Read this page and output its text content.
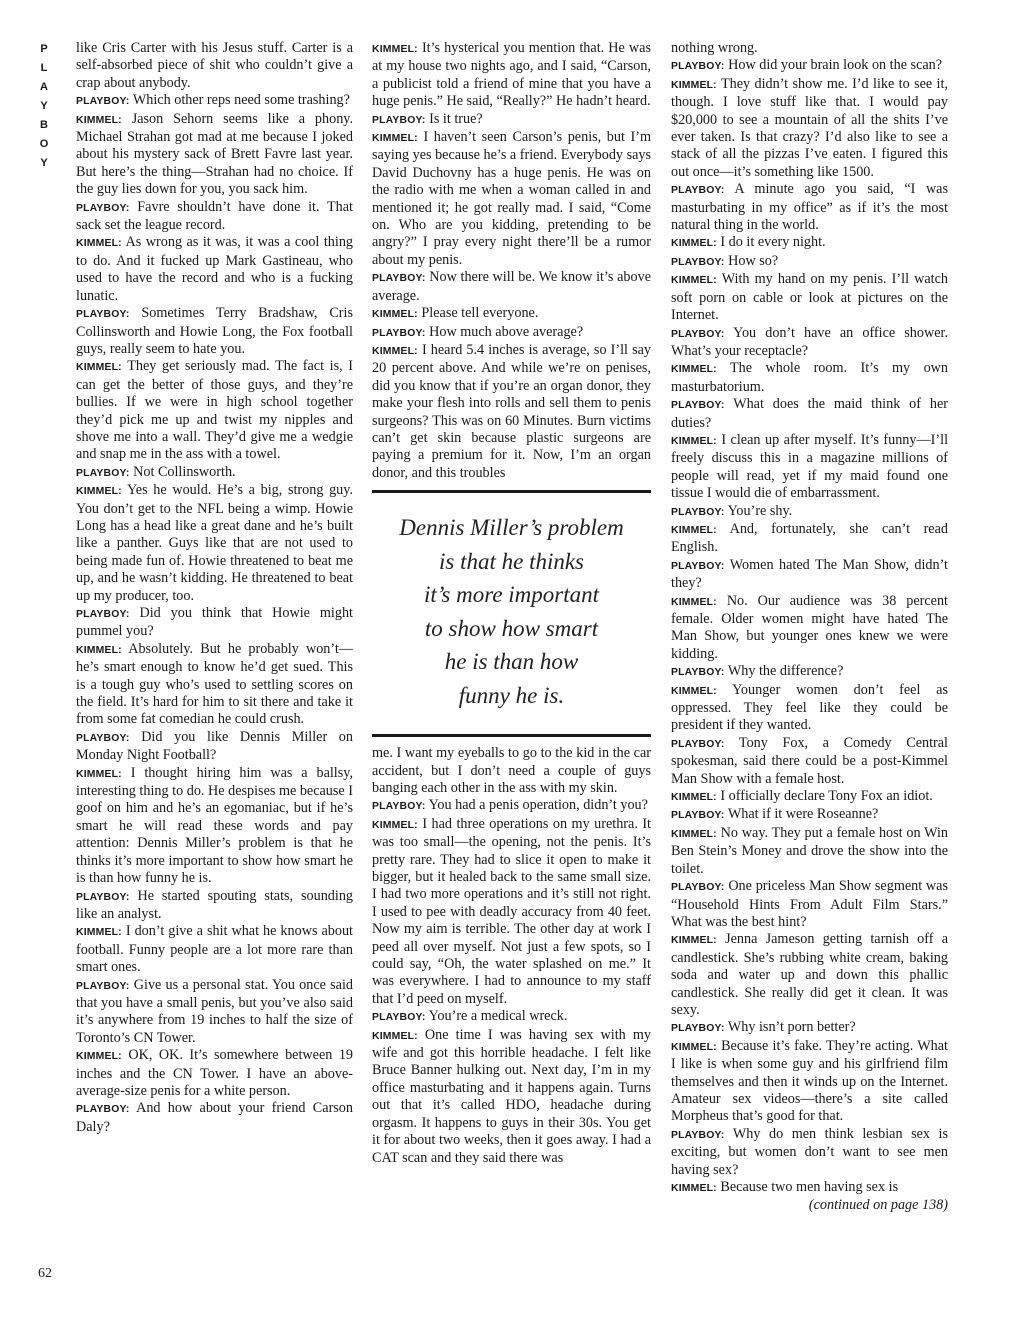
P
L
A
Y
B
O
Y

like Cris Carter with his Jesus stuff. Carter is a self-absorbed piece of shit who couldn’t give a crap about anybody.

PLAYBOY: Which other reps need some trashing?

KIMMEL: Jason Sehorn seems like a phony. Michael Strahan got mad at me because I joked about his mystery sack of Brett Favre last year. But here’s the thing—Strahan had no choice. If the guy lies down for you, you sack him.

PLAYBOY: Favre shouldn’t have done it. That sack set the league record.

KIMMEL: As wrong as it was, it was a cool thing to do. And it fucked up Mark Gastineau, who used to have the record and who is a fucking lunatic.

PLAYBOY: Sometimes Terry Bradshaw, Cris Collinsworth and Howie Long, the Fox football guys, really seem to hate you.

KIMMEL: They get seriously mad. The fact is, I can get the better of those guys, and they’re bullies. If we were in high school together they’d pick me up and twist my nipples and shove me into a wall. They’d give me a wedgie and snap me in the ass with a towel.

PLAYBOY: Not Collinsworth.

KIMMEL: Yes he would. He’s a big, strong guy. You don’t get to the NFL being a wimp. Howie Long has a head like a great dane and he’s built like a panther. Guys like that are not used to being made fun of. Howie threatened to beat me up, and he wasn’t kidding. He threatened to beat up my producer, too.

PLAYBOY: Did you think that Howie might pummel you?

KIMMEL: Absolutely. But he probably won’t—he’s smart enough to know he’d get sued. This is a tough guy who’s used to settling scores on the field. It’s hard for him to sit there and take it from some fat comedian he could crush.

PLAYBOY: Did you like Dennis Miller on Monday Night Football?

KIMMEL: I thought hiring him was a ballsy, interesting thing to do. He despises me because I goof on him and he’s an egomaniac, but if he’s smart he will read these words and pay attention: Dennis Miller’s problem is that he thinks it’s more important to show how smart he is than how funny he is.

PLAYBOY: He started spouting stats, sounding like an analyst.

KIMMEL: I don’t give a shit what he knows about football. Funny people are a lot more rare than smart ones.

PLAYBOY: Give us a personal stat. You once said that you have a small penis, but you’ve also said it’s anywhere from 19 inches to half the size of Toronto’s CN Tower.

KIMMEL: OK, OK. It’s somewhere between 19 inches and the CN Tower. I have an above-average-size penis for a white person.

PLAYBOY: And how about your friend Carson Daly?

KIMMEL: It’s hysterical you mention that. He was at my house two nights ago, and I said, “Carson, a publicist told a friend of mine that you have a huge penis.” He said, “Really?” He hadn’t heard.

PLAYBOY: Is it true?

KIMMEL: I haven’t seen Carson’s penis, but I’m saying yes because he’s a friend. Everybody says David Duchovny has a huge penis. He was on the radio with me when a woman called in and mentioned it; he got really mad. I said, “Come on. Who are you kidding, pretending to be angry?” I pray every night there’ll be a rumor about my penis.

PLAYBOY: Now there will be. We know it’s above average.

KIMMEL: Please tell everyone.

PLAYBOY: How much above average?

KIMMEL: I heard 5.4 inches is average, so I’ll say 20 percent above. And while we’re on penises, did you know that if you’re an organ donor, they make your flesh into rolls and sell them to penis surgeons? This was on 60 Minutes. Burn victims can’t get skin because plastic surgeons are paying a premium for it. Now, I’m an organ donor, and this troubles

Dennis Miller’s problem
is that he thinks
it’s more important
to show how smart
he is than how
funny he is.

me. I want my eyeballs to go to the kid in the car accident, but I don’t need a couple of guys banging each other in the ass with my skin.

PLAYBOY: You had a penis operation, didn’t you?

KIMMEL: I had three operations on my urethra. It was too small—the opening, not the penis. It’s pretty rare. They had to slice it open to make it bigger, but it healed back to the same small size. I had two more operations and it’s still not right. I used to pee with deadly accuracy from 40 feet. Now my aim is terrible. The other day at work I peed all over myself. Not just a few spots, so I could say, “Oh, the water splashed on me.” It was everywhere. I had to announce to my staff that I’d peed on myself.

PLAYBOY: You’re a medical wreck.

KIMMEL: One time I was having sex with my wife and got this horrible headache. I felt like Bruce Banner hulking out. Next day, I’m in my office masturbating and it happens again. Turns out that it’s called HDO, headache during orgasm. It happens to guys in their 30s. You get it for about two weeks, then it goes away. I had a CAT scan and they said there was

nothing wrong.

PLAYBOY: How did your brain look on the scan?

KIMMEL: They didn’t show me. I’d like to see it, though. I love stuff like that. I would pay $20,000 to see a mountain of all the shits I’ve ever taken. Is that crazy? I’d also like to see a stack of all the pizzas I’ve eaten. I figured this out once—it’s something like 1500.

PLAYBOY: A minute ago you said, “I was masturbating in my office” as if it’s the most natural thing in the world.

KIMMEL: I do it every night.

PLAYBOY: How so?

KIMMEL: With my hand on my penis. I’ll watch soft porn on cable or look at pictures on the Internet.

PLAYBOY: You don’t have an office shower. What’s your receptacle?

KIMMEL: The whole room. It’s my own masturbatorium.

PLAYBOY: What does the maid think of her duties?

KIMMEL: I clean up after myself. It’s funny—I’ll freely discuss this in a magazine millions of people will read, yet if my maid found one tissue I would die of embarrassment.

PLAYBOY: You’re shy.

KIMMEL: And, fortunately, she can’t read English.

PLAYBOY: Women hated The Man Show, didn’t they?

KIMMEL: No. Our audience was 38 percent female. Older women might have hated The Man Show, but younger ones knew we were kidding.

PLAYBOY: Why the difference?

KIMMEL: Younger women don’t feel as oppressed. They feel like they could be president if they wanted.

PLAYBOY: Tony Fox, a Comedy Central spokesman, said there could be a post-Kimmel Man Show with a female host.

KIMMEL: I officially declare Tony Fox an idiot.

PLAYBOY: What if it were Roseanne?

KIMMEL: No way. They put a female host on Win Ben Stein’s Money and drove the show into the toilet.

PLAYBOY: One priceless Man Show segment was “Household Hints From Adult Film Stars.” What was the best hint?

KIMMEL: Jenna Jameson getting tarnish off a candlestick. She’s rubbing white cream, baking soda and water up and down this phallic candlestick. She really did get it clean. It was sexy.

PLAYBOY: Why isn’t porn better?

KIMMEL: Because it’s fake. They’re acting. What I like is when some guy and his girlfriend film themselves and then it winds up on the Internet. Amateur sex videos—there’s a site called Morpheus that’s good for that.

PLAYBOY: Why do men think lesbian sex is exciting, but women don’t want to see men having sex?

KIMMEL: Because two men having sex is

(continued on page 138)

62
